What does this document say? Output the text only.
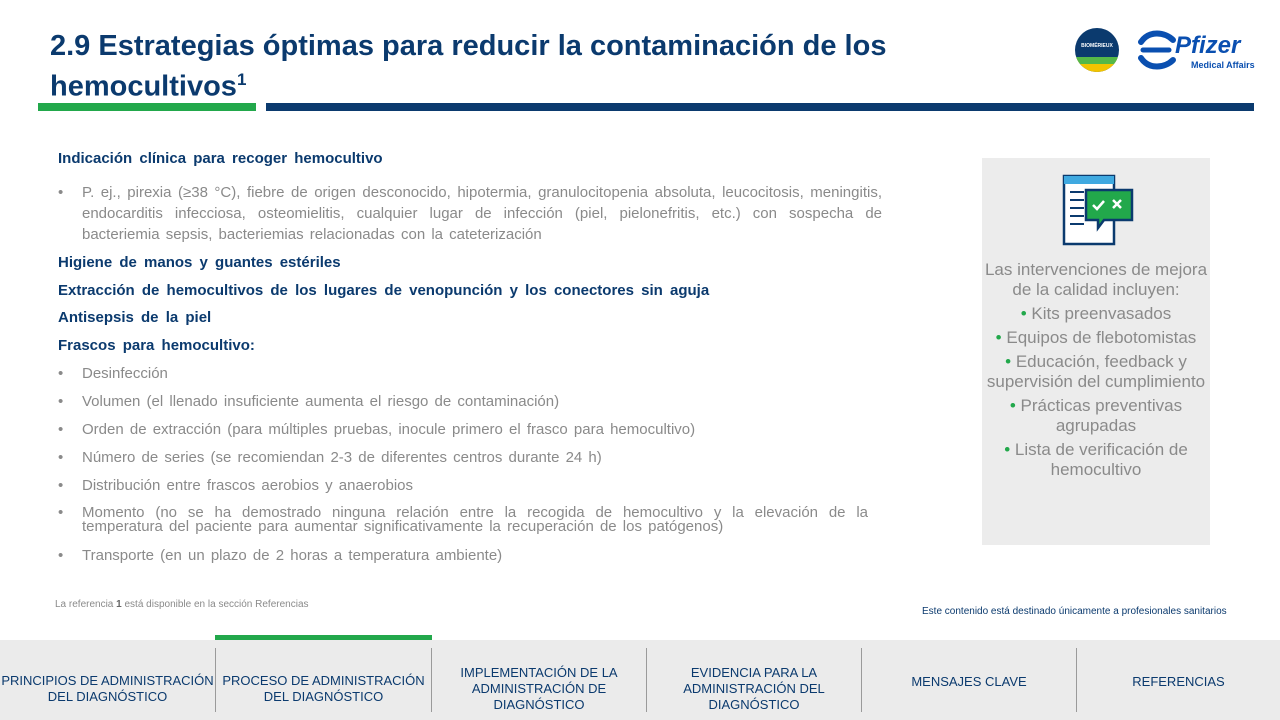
2.9 Estrategias óptimas para reducir la contaminación de los hemocultivos$^1$
BIOMÉRIEUX	Pfizer
Medical Affairs
Indicación clínica para recoger hemocultivo
• P. ej., pirexia (≥38 °C), fiebre de origen desconocido, hipotermia, granulocitopenia absoluta, leucocitosis, meningitis, endocarditis infecciosa, osteomielitis, cualquier lugar de infección (piel, pielonefritis, etc.) con sospecha de bacteriemia sepsis, bacteriemias relacionadas con la cateterización
Higiene de manos y guantes estériles
Extracción de hemocultivos de los lugares de venopunción y los conectores sin aguja
Antisepsis de la piel
Frascos para hemocultivo:
• Desinfección
• Volumen (el llenado insuficiente aumenta el riesgo de contaminación)
• Orden de extracción (para múltiples pruebas, inocule primero el frasco para hemocultivo)
• Número de series (se recomiendan 2-3 de diferentes centros durante 24 h)
• Distribución entre frascos aerobios y anaerobios
• Momento (no se ha demostrado ninguna relación entre la recogida de hemocultivo y la elevación de la temperatura del paciente para aumentar significativamente la recuperación de los patógenos)
• Transporte (en un plazo de 2 horas a temperatura ambiente)
Las intervenciones de mejora de la calidad incluyen:
• Kits preenvasados
• Equipos de flebotomistas
• Educación, feedback y supervisión del cumplimiento
• Prácticas preventivas agrupadas
• Lista de verificación de hemocultivo
La referencia 1 está disponible en la sección Referencias
Este contenido está destinado únicamente a profesionales sanitarios
PRINCIPIOS DE ADMINISTRACIÓN DEL DIAGNÓSTICO
PROCESO DE ADMINISTRACIÓN DEL DIAGNÓSTICO
IMPLEMENTACIÓN DE LA ADMINISTRACIÓN DE DIAGNÓSTICO
EVIDENCIA PARA LA ADMINISTRACIÓN DEL DIAGNÓSTICO
MENSAJES CLAVE	REFERENCIAS
